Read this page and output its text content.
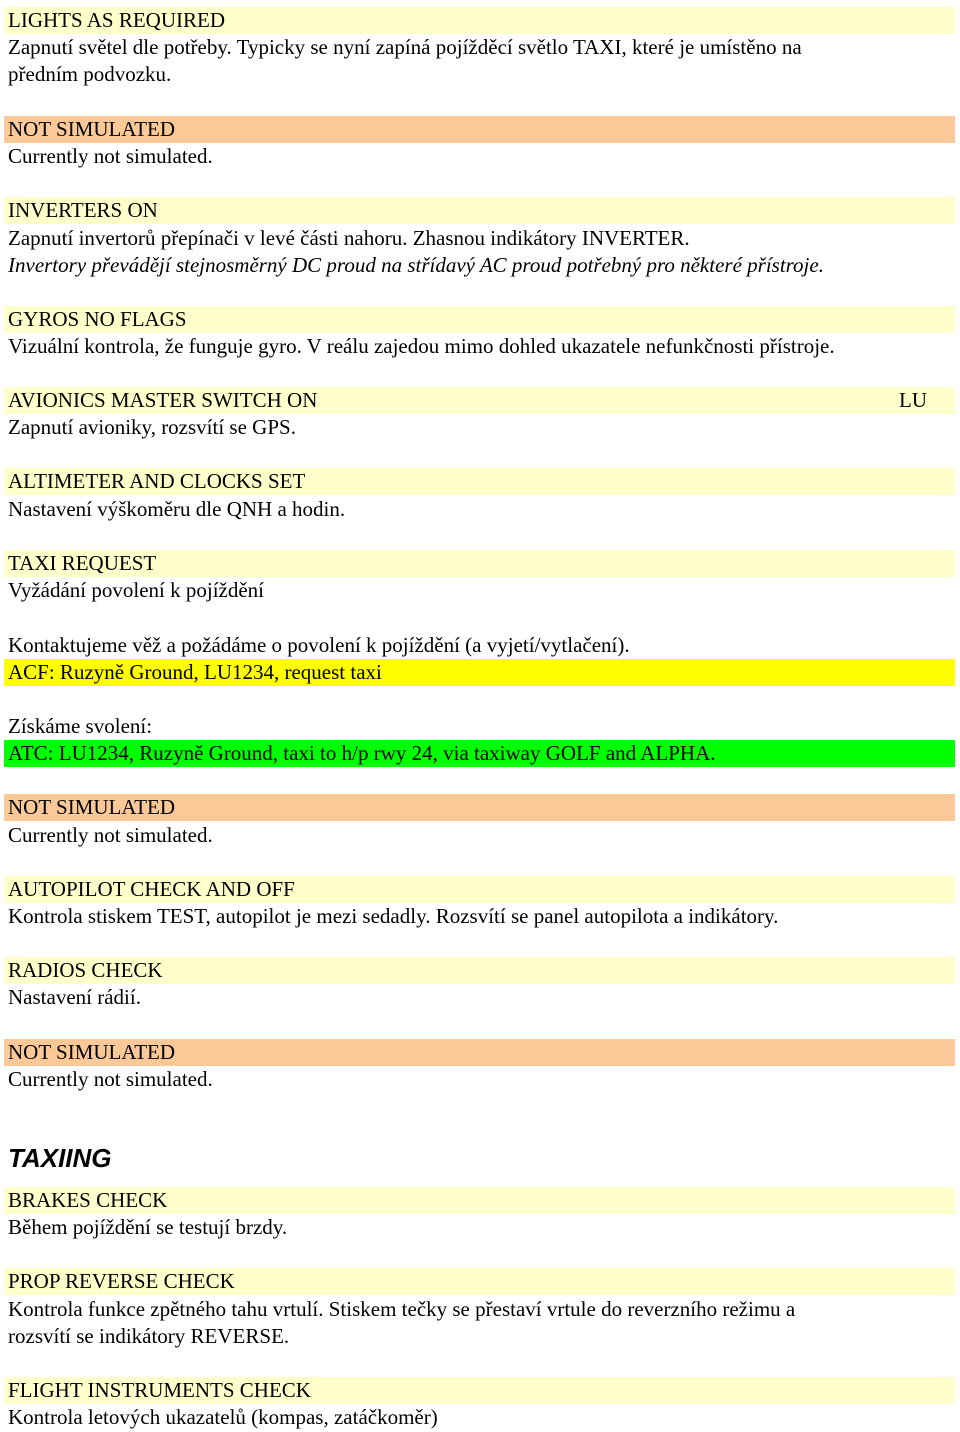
LIGHTS AS REQUIRED
Zapnutí světel dle potřeby. Typicky se nyní zapíná pojížděcí světlo TAXI, které je umístěno na
předním podvozku.
NOT SIMULATED
Currently not simulated.
INVERTERS ON
Zapnutí invertorů přepínači v levé části nahoru. Zhasnou indikátory INVERTER.
Invertory převádějí stejnosměrný DC proud na střídavý AC proud potřebný pro některé přístroje.
GYROS NO FLAGS
Vizuální kontrola, že funguje gyro. V reálu zajedou mimo dohled ukazatele nefunkčnosti přístroje.
AVIONICS MASTER SWITCH ON	LU
Zapnutí avioniky, rozsvítí se GPS.
ALTIMETER AND CLOCKS SET
Nastavení výškoměru dle QNH a hodin.
TAXI REQUEST
Vyžádání povolení k pojíždění
Kontaktujeme věž a požádáme o povolení k pojíždění (a vyjetí/vytlačení).
ACF: Ruzyně Ground, LU1234, request taxi
Získáme svolení:
ATC: LU1234, Ruzyně Ground, taxi to h/p rwy 24, via taxiway GOLF and ALPHA.
NOT SIMULATED
Currently not simulated.
AUTOPILOT CHECK AND OFF
Kontrola stiskem TEST, autopilot je mezi sedadly. Rozsvítí se panel autopilota a indikátory.
RADIOS CHECK
Nastavení rádií.
NOT SIMULATED
Currently not simulated.
TAXIING
BRAKES CHECK
Během pojíždění se testují brzdy.
PROP REVERSE CHECK
Kontrola funkce zpětného tahu vrtulí. Stiskem tečky se přestaví vrtule do reverzního režimu a
rozsvítí se indikátory REVERSE.
FLIGHT INSTRUMENTS CHECK
Kontrola letových ukazatelů (kompas, zatáčkoměr)
